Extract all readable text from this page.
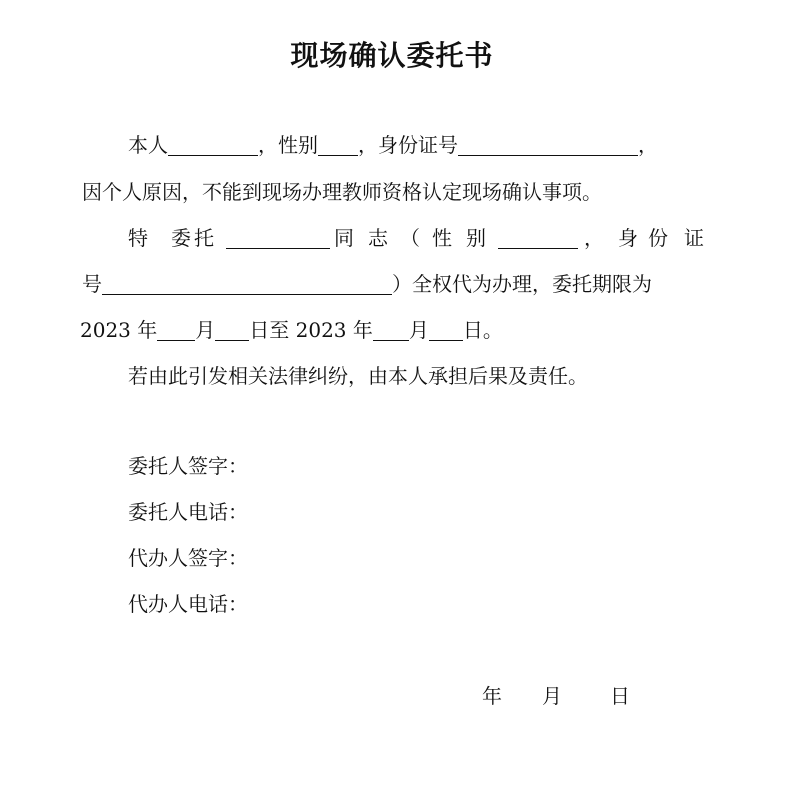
现场确认委托书
本人	，性别 ，身份证号	，
因个人原因，不能到现场办理教师资格认定现场确认事项。
特 委 托	同 志 （ 性 别	， 身 份 证
号	）全权代为办理，委托期限为
2023 年 月 日至 2023 年 月 日。
若由此引发相关法律纠纷，由本人承担后果及责任。
委托人签字：
委托人电话：
代办人签字：
代办人电话：
年 月 日
